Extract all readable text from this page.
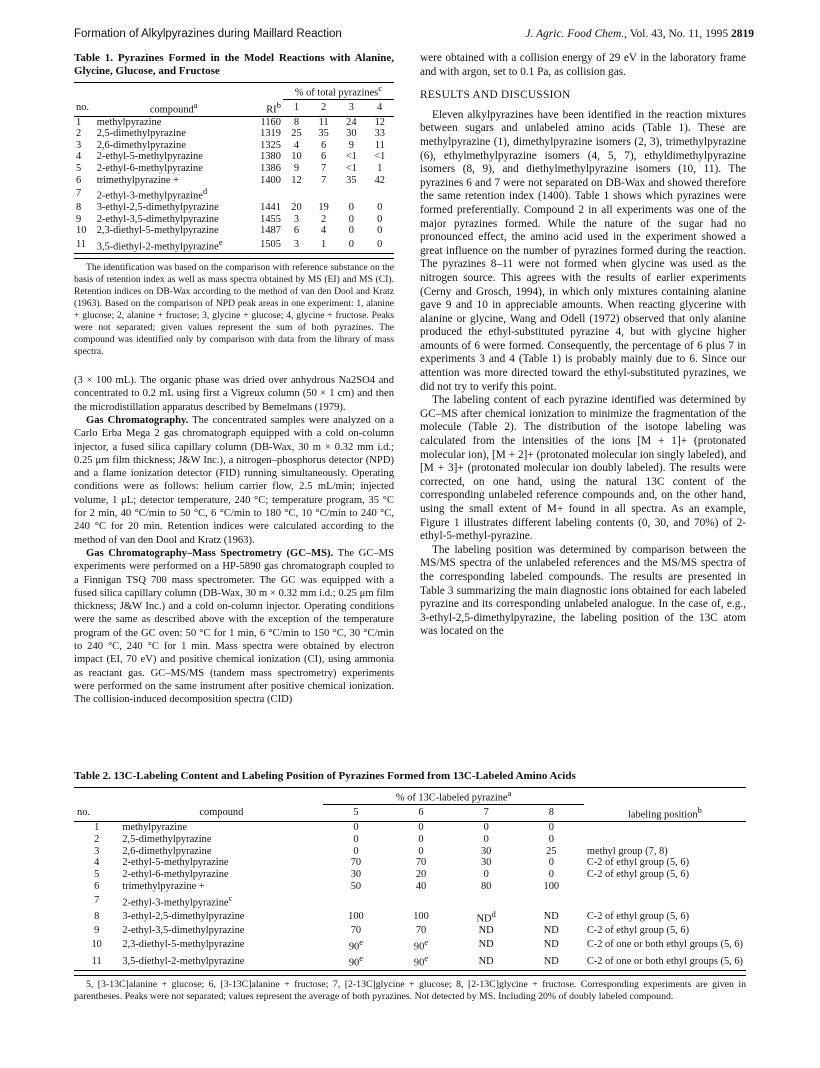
Formation of Alkylpyrazines during Maillard Reaction	J. Agric. Food Chem., Vol. 43, No. 11, 1995 2819
Table 1. Pyrazines Formed in the Model Reactions with Alanine, Glycine, Glucose, and Fructose
			% of total pyrazines$^c$
no.	compound$^a$	$RI^b$	1	2	3	4
1	methylpyrazine	1160	8	11	24	12
2	2,5-dimethylpyrazine	1319	25	35	30	33
3	2,6-dimethylpyrazine	1325	4	6	9	11
4	2-ethyl-5-methylpyrazine	1380	10	6	<1	<1
5	2-ethyl-6-methylpyrazine	1386	9	7	<1	1
6	trimethylpyrazine +	1400	12	7	35	42
7	2-ethyl-3-methylpyrazine$^d$					
8	3-ethyl-2,5-dimethylpyrazine	1441	20	19	0	0
9	2-ethyl-3,5-dimethylpyrazine	1455	3	2	0	0
10	2,3-diethyl-5-methylpyrazine	1487	6	4	0	0
11	3,5-diethyl-2-methylpyrazine$^e$	1505	3	1	0	0
The identification was based on the comparison with reference substance on the basis of retention index as well as mass spectra obtained by MS (EI) and MS (CI). Retention indices on DB-Wax according to the method of van den Dool and Kratz (1963). Based on the comparison of NPD peak areas in one experiment: 1, alanine + glucose; 2, alanine + fructose; 3, glycine + glucose; 4, glycine + fructose. Peaks were not separated; given values represent the sum of both pyrazines. The compound was identified only by comparison with data from the library of mass spectra.

(3 × 100 mL). The organic phase was dried over anhydrous Na2SO4 and concentrated to 0.2 mL using first a Vigreux column (50 × 1 cm) and then the microdistillation apparatus described by Bemelmans (1979).

Gas Chromatography. The concentrated samples were analyzed on a Carlo Erba Mega 2 gas chromatograph equipped with a cold on-column injector, a fused silica capillary column (DB-Wax, 30 m × 0.32 mm i.d.; 0.25 μm film thickness; J&W Inc.), a nitrogen–phosphorus detector (NPD) and a flame ionization detector (FID) running simultaneously. Operating conditions were as follows: helium carrier flow, 2.5 mL/min; injected volume, 1 μL; detector temperature, 240 °C; temperature program, 35 °C for 2 min, 40 °C/min to 50 °C, 6 °C/min to 180 °C, 10 °C/min to 240 °C, 240 °C for 20 min. Retention indices were calculated according to the method of van den Dool and Kratz (1963).

Gas Chromatography–Mass Spectrometry (GC–MS). The GC–MS experiments were performed on a HP-5890 gas chromatograph coupled to a Finnigan TSQ 700 mass spectrometer. The GC was equipped with a fused silica capillary column (DB-Wax, 30 m × 0.32 mm i.d.; 0.25 μm film thickness; J&W Inc.) and a cold on-column injector. Operating conditions were the same as described above with the exception of the temperature program of the GC oven: 50 °C for 1 min, 6 °C/min to 150 °C, 30 °C/min to 240 °C, 240 °C for 1 min. Mass spectra were obtained by electron impact (EI, 70 eV) and positive chemical ionization (CI), using ammonia as reactant gas. GC–MS/MS (tandem mass spectrometry) experiments were performed on the same instrument after positive chemical ionization. The collision-induced decomposition spectra (CID)

were obtained with a collision energy of 29 eV in the laboratory frame and with argon, set to 0.1 Pa, as collision gas.

RESULTS AND DISCUSSION

Eleven alkylpyrazines have been identified in the reaction mixtures between sugars and unlabeled amino acids (Table 1). These are methylpyrazine (1), dimethylpyrazine isomers (2, 3), trimethylpyrazine (6), ethylmethylpyrazine isomers (4, 5, 7), ethyldimethylpyrazine isomers (8, 9), and diethylmethylpyrazine isomers (10, 11). The pyrazines 6 and 7 were not separated on DB-Wax and showed therefore the same retention index (1400). Table 1 shows which pyrazines were formed preferentially. Compound 2 in all experiments was one of the major pyrazines formed. While the nature of the sugar had no pronounced effect, the amino acid used in the experiment showed a great influence on the number of pyrazines formed during the reaction. The pyrazines 8–11 were not formed when glycine was used as the nitrogen source. This agrees with the results of earlier experiments (Cerny and Grosch, 1994), in which only mixtures containing alanine gave 9 and 10 in appreciable amounts. When reacting glycerine with alanine or glycine, Wang and Odell (1972) observed that only alanine produced the ethyl-substituted pyrazine 4, but with glycine higher amounts of 6 were formed. Consequently, the percentage of 6 plus 7 in experiments 3 and 4 (Table 1) is probably mainly due to 6. Since our attention was more directed toward the ethyl-substituted pyrazines, we did not try to verify this point.

The labeling content of each pyrazine identified was determined by GC–MS after chemical ionization to minimize the fragmentation of the molecule (Table 2). The distribution of the isotope labeling was calculated from the intensities of the ions [M + 1]+ (protonated molecular ion), [M + 2]+ (protonated molecular ion singly labeled), and [M + 3]+ (protonated molecular ion doubly labeled). The results were corrected, on one hand, using the natural 13C content of the corresponding unlabeled reference compounds and, on the other hand, using the small extent of M+ found in all spectra. As an example, Figure 1 illustrates different labeling contents (0, 30, and 70%) of 2-ethyl-5-methyl-pyrazine.

The labeling position was determined by comparison between the MS/MS spectra of the unlabeled references and the MS/MS spectra of the corresponding labeled compounds. The results are presented in Table 3 summarizing the main diagnostic ions obtained for each labeled pyrazine and its corresponding unlabeled analogue. In the case of, e.g., 3-ethyl-2,5-dimethylpyrazine, the labeling position of the 13C atom was located on the

Table 2. 13C-Labeling Content and Labeling Position of Pyrazines Formed from 13C-Labeled Amino Acids
		% of 13C-labeled pyrazine$^a$	
no.	compound	5	6	7	8	labeling position$^b$
1	methylpyrazine	0	0	0	0	
2	2,5-dimethylpyrazine	0	0	0	0	
3	2,6-dimethylpyrazine	0	0	30	25	methyl group (7, 8)
4	2-ethyl-5-methylpyrazine	70	70	30	0	C-2 of ethyl group (5, 6)
5	2-ethyl-6-methylpyrazine	30	20	0	0	C-2 of ethyl group (5, 6)
6	trimethylpyrazine +	50	40	80	100	
7	2-ethyl-3-methylpyrazine$^c$					
8	3-ethyl-2,5-dimethylpyrazine	100	100	$ND^d$	ND	C-2 of ethyl group (5, 6)
9	2-ethyl-3,5-dimethylpyrazine	70	70	ND	ND	C-2 of ethyl group (5, 6)
10	2,3-diethyl-5-methylpyrazine	90e	90e	ND	ND	C-2 of one or both ethyl groups (5, 6)
11	3,5-diethyl-2-methylpyrazine	90e	90e	ND	ND	C-2 of one or both ethyl groups (5, 6)
5, [3-13C]alanine + glucose; 6, [3-13C]alanine + fructose; 7, [2-13C]glycine + glucose; 8, [2-13C]glycine + fructose. Corresponding experiments are given in parentheses. Peaks were not separated; values represent the average of both pyrazines. Not detected by MS. Including 20% of doubly labeled compound.
